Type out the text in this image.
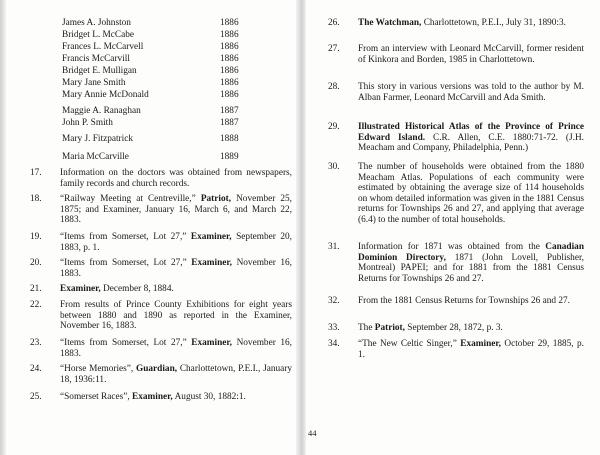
James A. Johnston	1886
Bridget L. McCabe	1886
Frances L. McCarvell	1886
Francis McCarvill	1886
Bridget E. Mulligan	1886
Mary Jane Smith	1886
Mary Annie McDonald	1886
Maggie A. Ranaghan	1887
John P. Smith	1887
Mary J. Fitzpatrick	1888
Maria McCarville	1889
17. Information on the doctors was obtained from newspapers, family records and church records.
18. “Railway Meeting at Centreville,” Patriot, November 25, 1875; and Examiner, January 16, March 6, and March 22, 1883.
19. “Items from Somerset, Lot 27,” Examiner, September 20, 1883, p. 1.
20. “Items from Somerset, Lot 27,” Examiner, November 16, 1883.
21. Examiner, December 8, 1884.
22. From results of Prince County Exhibitions for eight years between 1880 and 1890 as reported in the Examiner, November 16, 1883.
23. “Items from Somerset, Lot 27,” Examiner, November 16, 1883.
24. “Horse Memories”, Guardian, Charlottetown, P.E.I., January 18, 1936:11.
25. “Somerset Races”, Examiner, August 30, 1882:1.
26. The Watchman, Charlottetown, P.E.I., July 31, 1890:3.
27. From an interview with Leonard McCarvill, former resident of Kinkora and Borden, 1985 in Charlottetown.
28. This story in various versions was told to the author by M. Alban Farmer, Leonard McCarvill and Ada Smith.
29. Illustrated Historical Atlas of the Province of Prince Edward Island. C.R. Allen, C.E. 1880:71-72. (J.H. Meacham and Company, Philadelphia, Penn.)
30. The number of households were obtained from the 1880 Meacham Atlas. Populations of each community were estimated by obtaining the average size of 114 households on whom detailed information was given in the 1881 Census returns for Townships 26 and 27, and applying that average (6.4) to the number of total households.
31. Information for 1871 was obtained from the Canadian Dominion Directory, 1871 (John Lovell, Publisher, Montreal) PAPEI; and for 1881 from the 1881 Census Returns for Townships 26 and 27.
32. From the 1881 Census Returns for Townships 26 and 27.
33. The Patriot, September 28, 1872, p. 3.
34. “The New Celtic Singer,” Examiner, October 29, 1885, p. 1.
44
